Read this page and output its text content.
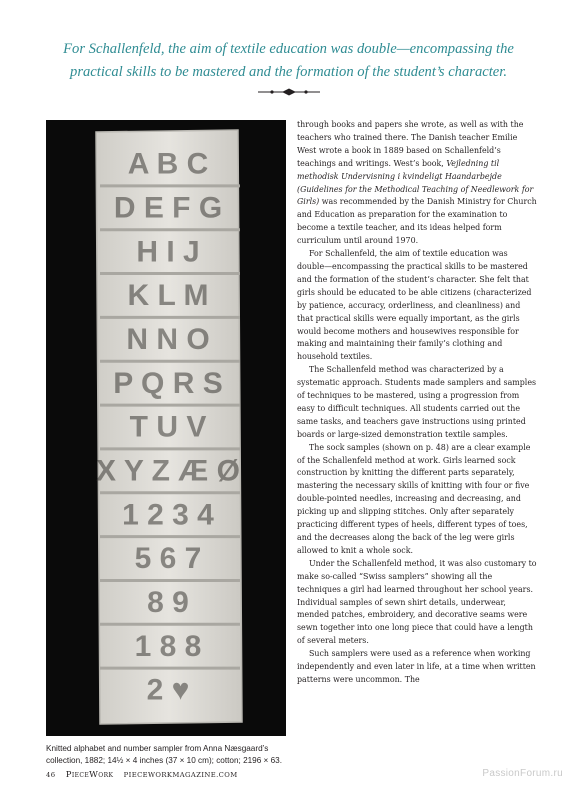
For Schallenfeld, the aim of textile education was double—encompassing the
practical skills to be mastered and the formation of the student’s character.

A B C
D E F G
H I J
K L M
N N O
P Q R S
T U V
X Y Z Æ Ø
1 2 3 4
5 6 7
8 9
1 8 8
2 ♥
Knitted alphabet and number sampler from Anna Næsgaard’s collection, 1882; 14½ × 4 inches (37 × 10 cm); cotton; 2196 × 63.

through books and papers she wrote, as well as with the teachers who trained there. The Danish teacher Emilie West wrote a book in 1889 based on Schallenfeld’s teachings and writings. West’s book, Vejledning til methodisk Undervisning i kvindeligt Haandarbejde (Guidelines for the Methodical Teaching of Needlework for Girls) was recommended by the Danish Ministry for Church and Education as preparation for the examination to become a textile teacher, and its ideas helped form curriculum until around 1970.

For Schallenfeld, the aim of textile education was double—encompassing the practical skills to be mastered and the formation of the student’s character. She felt that girls should be educated to be able citizens (characterized by patience, accuracy, orderliness, and cleanliness) and that practical skills were equally important, as the girls would become mothers and housewives responsible for making and maintaining their family’s clothing and household textiles.

The Schallenfeld method was characterized by a systematic approach. Students made samplers and samples of techniques to be mastered, using a progression from easy to difficult techniques. All students carried out the same tasks, and teachers gave instructions using printed boards or large-sized demonstration textile samples.

The sock samples (shown on p. 48) are a clear example of the Schallenfeld method at work. Girls learned sock construction by knitting the different parts separately, mastering the necessary skills of knitting with four or five double-pointed needles, increasing and decreasing, and picking up and slipping stitches. Only after separately practicing different types of heels, different types of toes, and the decreases along the back of the leg were girls allowed to knit a whole sock.

Under the Schallenfeld method, it was also customary to make so-called “Swiss samplers” showing all the techniques a girl had learned throughout her school years. Individual samples of sewn shirt details, underwear, mended patches, embroidery, and decorative seams were sewn together into one long piece that could have a length of several meters.

Such samplers were used as a reference when working independently and even later in life, at a time when written patterns were uncommon. The

46 PieceWork PIECEWORKMAGAZINE.COM	PassionForum.ru
